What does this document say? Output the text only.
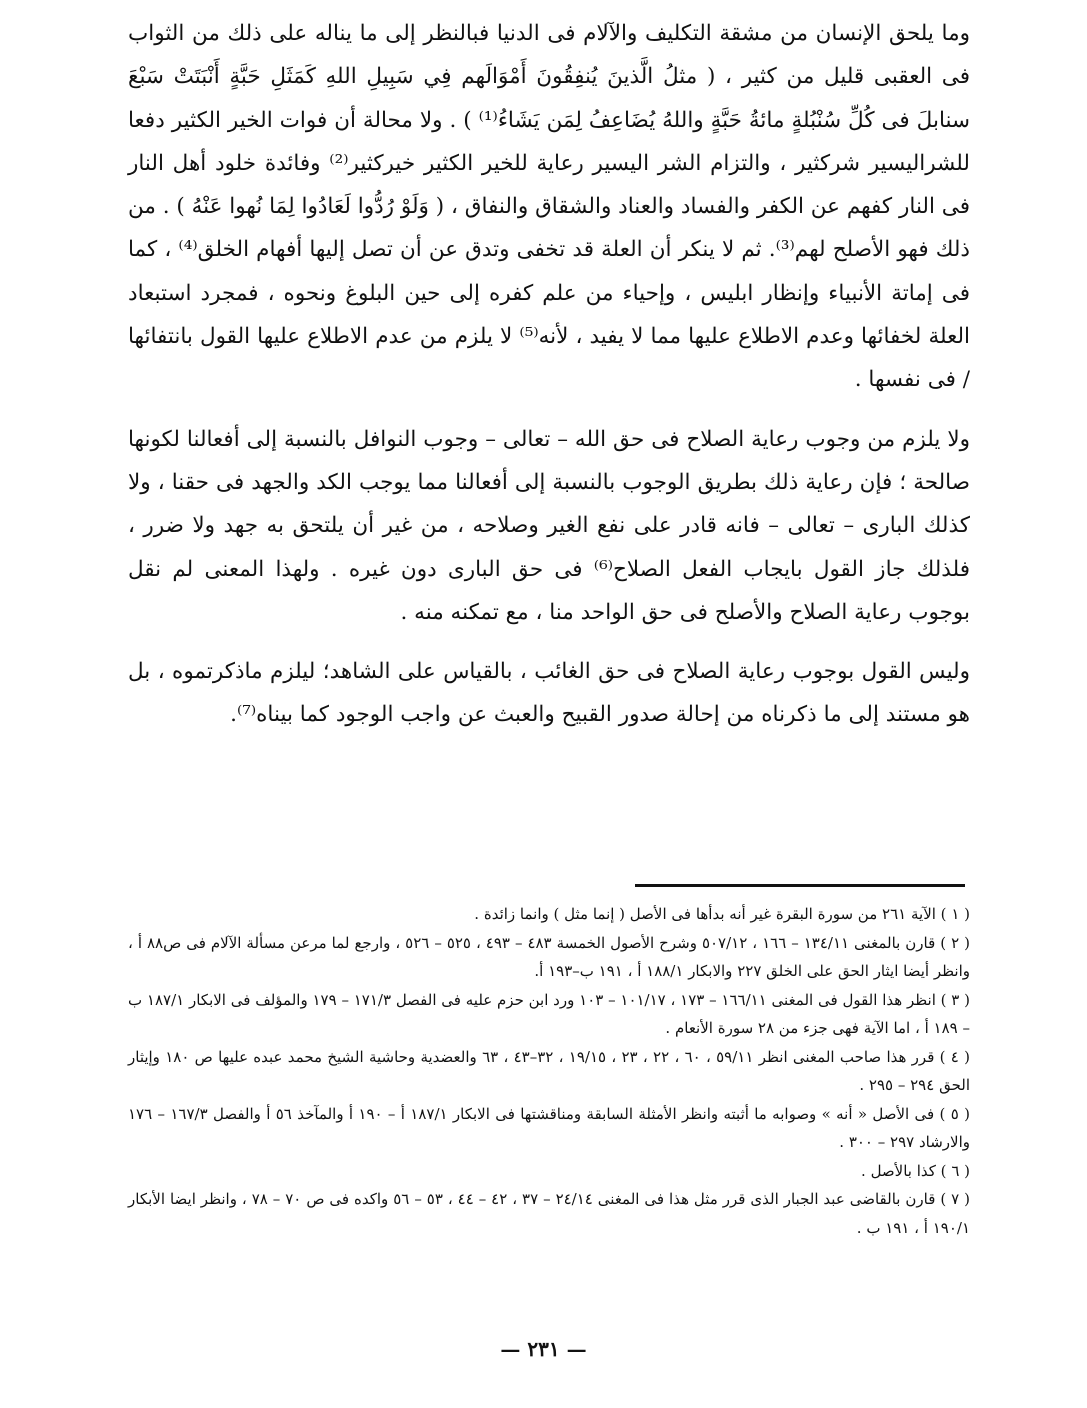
وما يلحق الإنسان من مشقة التكليف والآلام فى الدنيا فبالنظر إلى ما يناله على ذلك من الثواب فى العقبى قليل من كثير ، ( مثلُ الَّذينَ يُنفِقُونَ أَمْوَالَهم فِي سَبِيلِ اللهِ كَمَثَلِ حَبَّةٍ أَنْبَتَتْ سَبْعَ سنابلَ فى كُلِّ سُنْبُلةٍ مائةُ حَبَّةٍ واللهُ يُضَاعِفُ لِمَن يَشَاءُ⁽¹⁾ ) . ولا محالة أن فوات الخير الكثير دفعا للشراليسير شركثير ، والتزام الشر اليسير رعاية للخير الكثير خيركثير⁽²⁾ وفائدة خلود أهل النار فى النار كفهم عن الكفر والفساد والعناد والشقاق والنفاق ، ( وَلَوْ رُدُّوا لَعَادُوا لِمَا نُهوا عَنْهُ ) . من ذلك فهو الأصلح لهم⁽³⁾. ثم لا ينكر أن العلة قد تخفى وتدق عن أن تصل إليها أفهام الخلق⁽⁴⁾ ، كما فى إماتة الأنبياء وإنظار ابليس ، وإحياء من علم كفره إلى حين البلوغ ونحوه ، فمجرد استبعاد العلة لخفائها وعدم الاطلاع عليها مما لا يفيد ، لأنه⁽⁵⁾ لا يلزم من عدم الاطلاع عليها القول بانتفائها / فى نفسها .

ولا يلزم من وجوب رعاية الصلاح فى حق الله – تعالى – وجوب النوافل بالنسبة إلى أفعالنا لكونها صالحة ؛ فإن رعاية ذلك بطريق الوجوب بالنسبة إلى أفعالنا مما يوجب الكد والجهد فى حقنا ، ولا كذلك البارى – تعالى – فانه قادر على نفع الغير وصلاحه ، من غير أن يلتحق به جهد ولا ضرر ، فلذلك جاز القول بايجاب الفعل الصلاح⁽⁶⁾ فى حق البارى دون غيره . ولهذا المعنى لم نقل بوجوب رعاية الصلاح والأصلح فى حق الواحد منا ، مع تمكنه منه .

وليس القول بوجوب رعاية الصلاح فى حق الغائب ، بالقياس على الشاهد؛ ليلزم ماذكرتموه ، بل هو مستند إلى ما ذكرناه من إحالة صدور القبيح والعبث عن واجب الوجود كما بيناه⁽⁷⁾.

( ١ ) الآية ٢٦١ من سورة البقرة غير أنه بدأها فى الأصل ( إنما مثل ) وانما زائدة .

( ٢ ) قارن بالمغنى ١٣٤/١١ – ١٦٦ ، ٥٠٧/١٢ وشرح الأصول الخمسة ٤٨٣ – ٤٩٣ ، ٥٢٥ – ٥٢٦ ، وارجع لما مرعن مسألة الآلام فى ص٨٨ أ ، وانظر أيضا ايثار الحق على الخلق ٢٢٧ والابكار ١٨٨/١ أ ، ١٩١ ب–١٩٣ أ.

( ٣ ) انظر هذا القول فى المغنى ١٦٦/١١ – ١٧٣ ، ١٠١/١٧ – ١٠٣ ورد ابن حزم عليه فى الفصل ١٧١/٣ – ١٧٩ والمؤلف فى الابكار ١٨٧/١ ب – ١٨٩ أ ، اما الآية فهى جزء من ٢٨ سورة الأنعام .

( ٤ ) قرر هذا صاحب المغنى انظر ٥٩/١١ ، ٦٠ ، ٢٢ ، ٢٣ ، ١٩/١٥ ، ٣٢–٤٣ ، ٦٣ والعضدية وحاشية الشيخ محمد عبده عليها ص ١٨٠ وإيثار الحق ٢٩٤ – ٢٩٥ .

( ٥ ) فى الأصل « أنه » وصوابه ما أثبته وانظر الأمثلة السابقة ومناقشتها فى الابكار ١٨٧/١ أ – ١٩٠ أ والمآخذ ٥٦ أ والفصل ١٦٧/٣ – ١٧٦ والارشاد ٢٩٧ – ٣٠٠ .

( ٦ ) كذا بالأصل .

( ٧ ) قارن بالقاضى عبد الجبار الذى قرر مثل هذا فى المغنى ٢٤/١٤ – ٣٧ ، ٤٢ – ٤٤ ، ٥٣ – ٥٦ واكده فى ص ٧٠ – ٧٨ ، وانظر ايضا الأبكار ١٩٠/١ أ ، ١٩١ ب .

— ٢٣١ —
